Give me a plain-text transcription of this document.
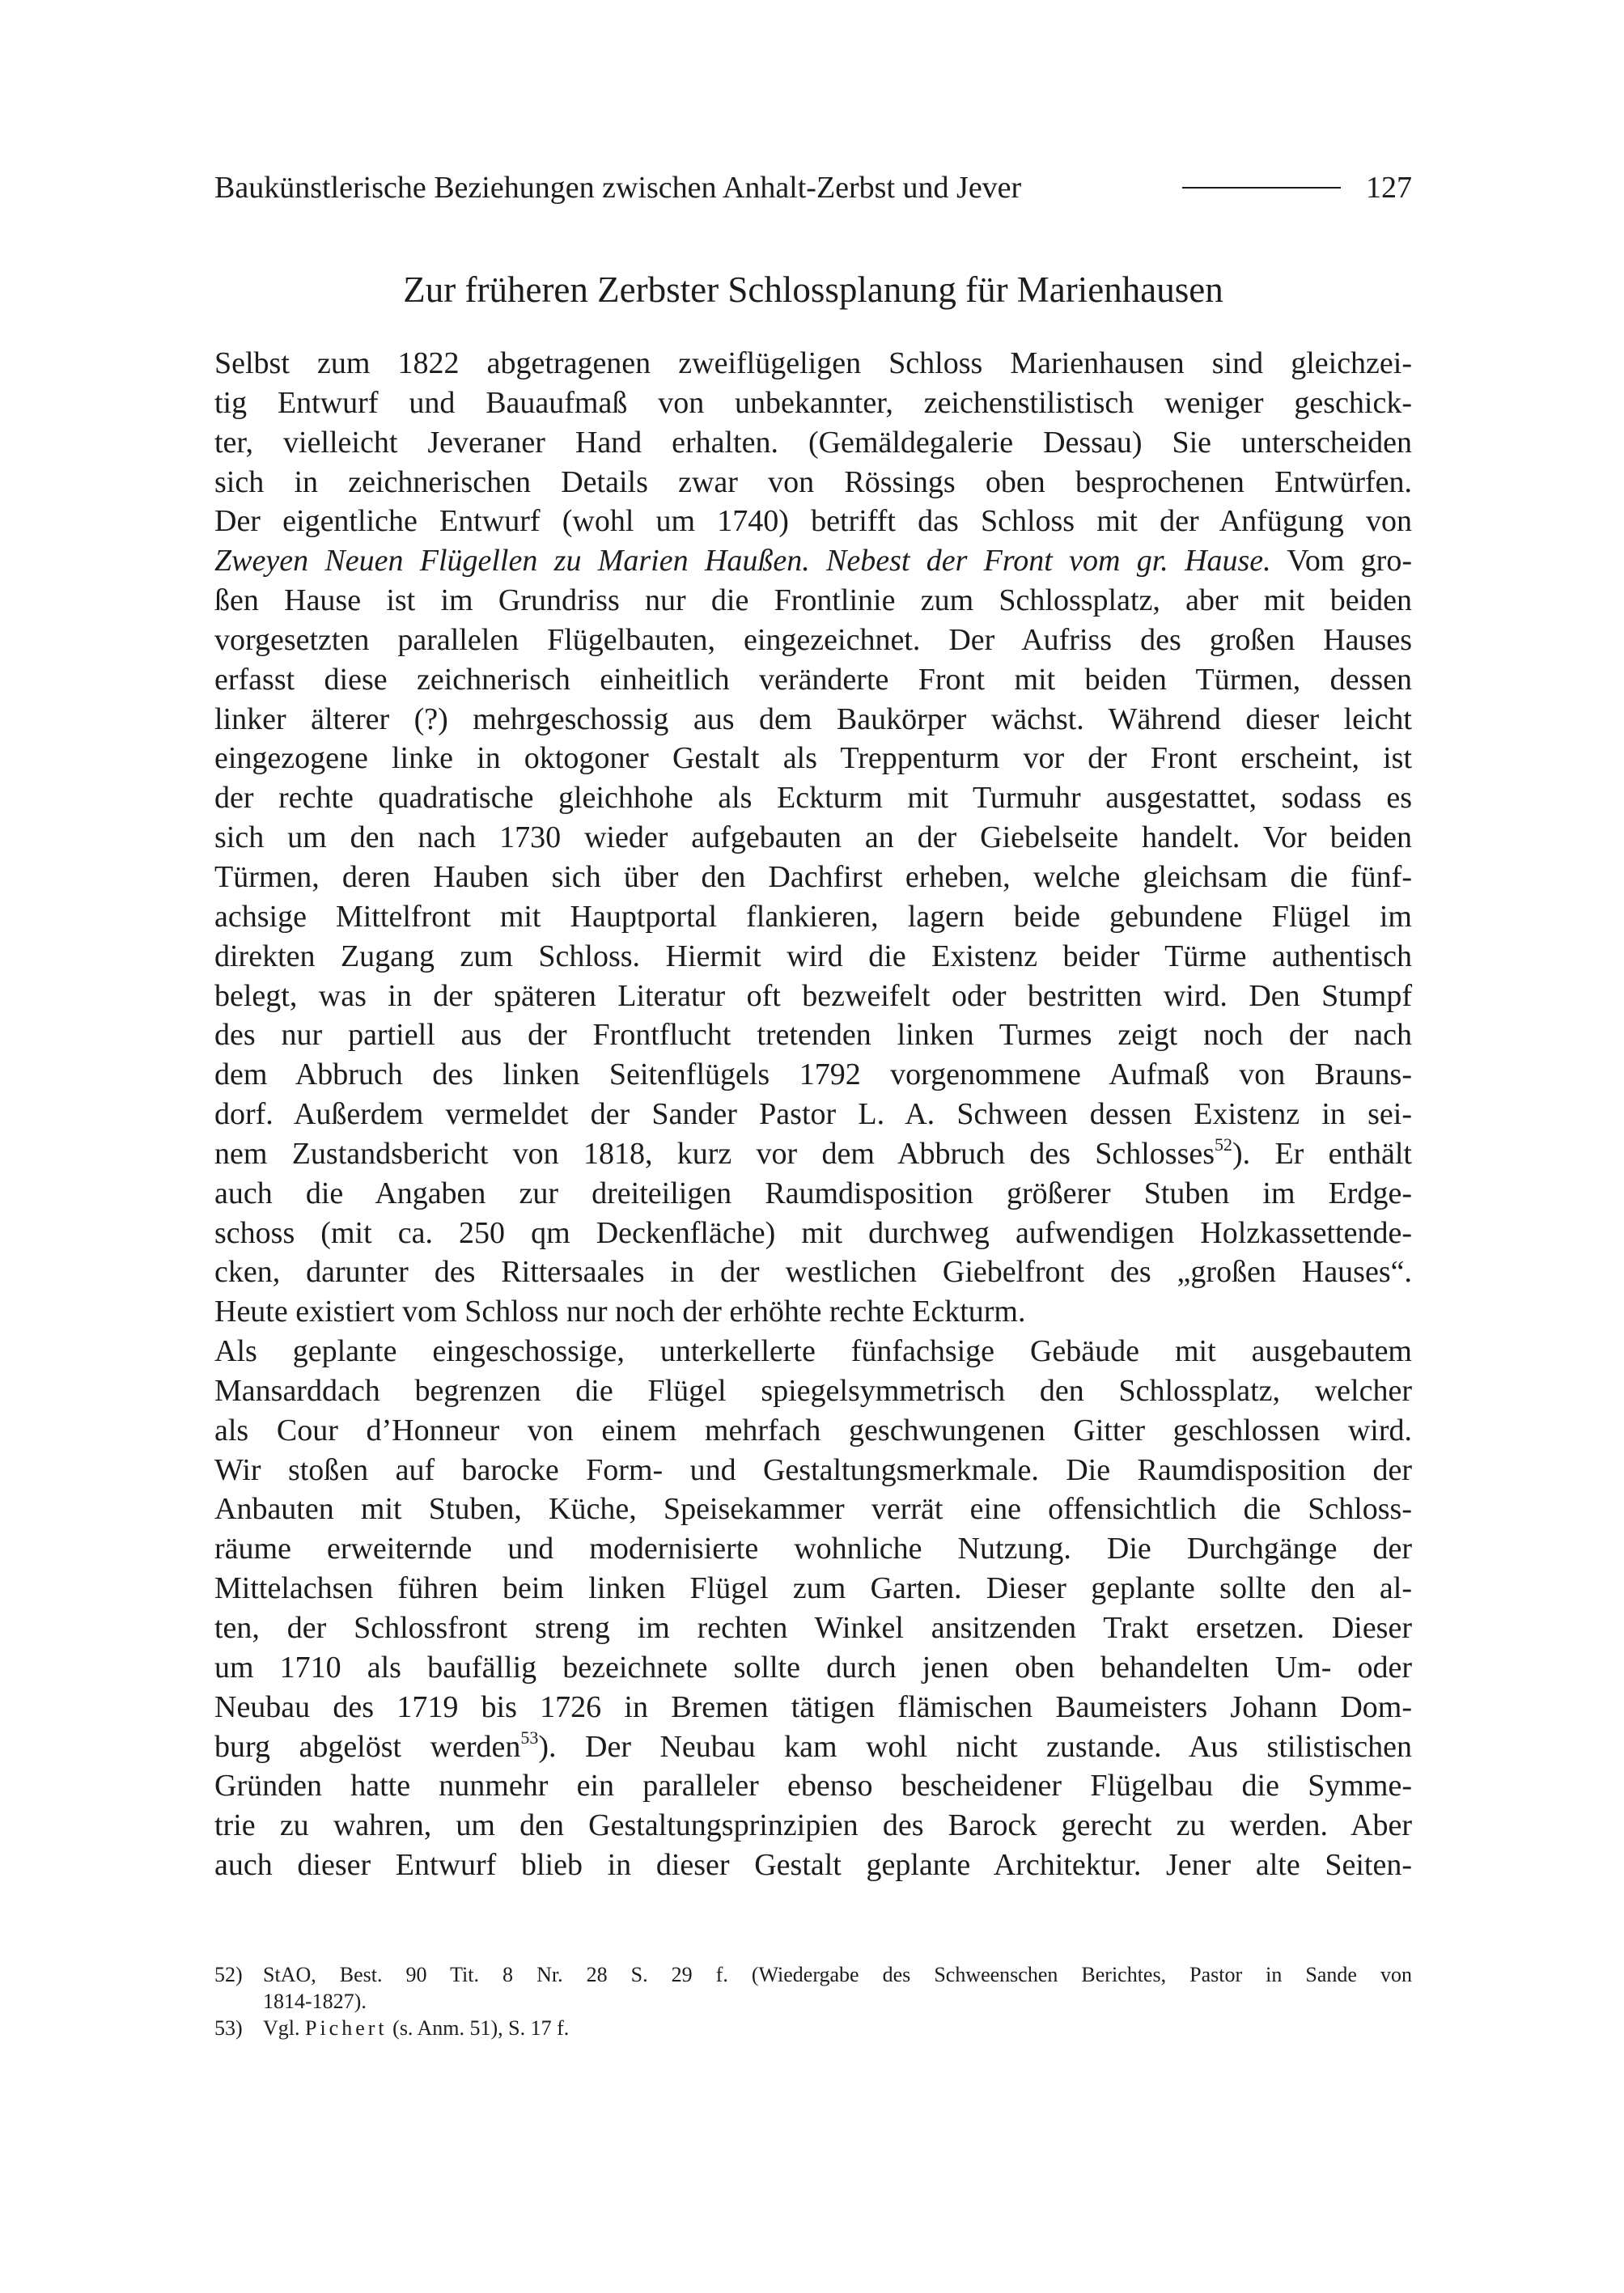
Baukünstlerische Beziehungen zwischen Anhalt-Zerbst und Jever	127
Zur früheren Zerbster Schlossplanung für Marienhausen
Selbst zum 1822 abgetragenen zweiflügeligen Schloss Marienhausen sind gleichzei-
tig Entwurf und Bauaufmaß von unbekannter, zeichenstilistisch weniger geschick-
ter, vielleicht Jeveraner Hand erhalten. (Gemäldegalerie Dessau) Sie unterscheiden
sich in zeichnerischen Details zwar von Rössings oben besprochenen Entwürfen.
Der eigentliche Entwurf (wohl um 1740) betrifft das Schloss mit der Anfügung von
Zweyen Neuen Flügellen zu Marien Haußen. Nebest der Front vom gr. Hause. Vom gro-
ßen Hause ist im Grundriss nur die Frontlinie zum Schlossplatz, aber mit beiden
vorgesetzten parallelen Flügelbauten, eingezeichnet. Der Aufriss des großen Hauses
erfasst diese zeichnerisch einheitlich veränderte Front mit beiden Türmen, dessen
linker älterer (?) mehrgeschossig aus dem Baukörper wächst. Während dieser leicht
eingezogene linke in oktogoner Gestalt als Treppenturm vor der Front erscheint, ist
der rechte quadratische gleichhohe als Eckturm mit Turmuhr ausgestattet, sodass es
sich um den nach 1730 wieder aufgebauten an der Giebelseite handelt. Vor beiden
Türmen, deren Hauben sich über den Dachfirst erheben, welche gleichsam die fünf-
achsige Mittelfront mit Hauptportal flankieren, lagern beide gebundene Flügel im
direkten Zugang zum Schloss. Hiermit wird die Existenz beider Türme authentisch
belegt, was in der späteren Literatur oft bezweifelt oder bestritten wird. Den Stumpf
des nur partiell aus der Frontflucht tretenden linken Turmes zeigt noch der nach
dem Abbruch des linken Seitenflügels 1792 vorgenommene Aufmaß von Brauns-
dorf. Außerdem vermeldet der Sander Pastor L. A. Schween dessen Existenz in sei-
nem Zustandsbericht von 1818, kurz vor dem Abbruch des Schlosses$^{52}$). Er enthält
auch die Angaben zur dreiteiligen Raumdisposition größerer Stuben im Erdge-
schoss (mit ca. 250 qm Deckenfläche) mit durchweg aufwendigen Holzkassettende-
cken, darunter des Rittersaales in der westlichen Giebelfront des „großen Hauses“.
Heute existiert vom Schloss nur noch der erhöhte rechte Eckturm.
Als geplante eingeschossige, unterkellerte fünfachsige Gebäude mit ausgebautem
Mansarddach begrenzen die Flügel spiegelsymmetrisch den Schlossplatz, welcher
als Cour d’Honneur von einem mehrfach geschwungenen Gitter geschlossen wird.
Wir stoßen auf barocke Form- und Gestaltungsmerkmale. Die Raumdisposition der
Anbauten mit Stuben, Küche, Speisekammer verrät eine offensichtlich die Schloss-
räume erweiternde und modernisierte wohnliche Nutzung. Die Durchgänge der
Mittelachsen führen beim linken Flügel zum Garten. Dieser geplante sollte den al-
ten, der Schlossfront streng im rechten Winkel ansitzenden Trakt ersetzen. Dieser
um 1710 als baufällig bezeichnete sollte durch jenen oben behandelten Um- oder
Neubau des 1719 bis 1726 in Bremen tätigen flämischen Baumeisters Johann Dom-
burg abgelöst werden$^{53}$). Der Neubau kam wohl nicht zustande. Aus stilistischen
Gründen hatte nunmehr ein paralleler ebenso bescheidener Flügelbau die Symme-
trie zu wahren, um den Gestaltungsprinzipien des Barock gerecht zu werden. Aber
auch dieser Entwurf blieb in dieser Gestalt geplante Architektur. Jener alte Seiten-
52) StAO, Best. 90 Tit. 8 Nr. 28 S. 29 f. (Wiedergabe des Schweenschen Berichtes, Pastor in Sande von
1814-1827).
53) Vgl. Pichert (s. Anm. 51), S. 17 f.
